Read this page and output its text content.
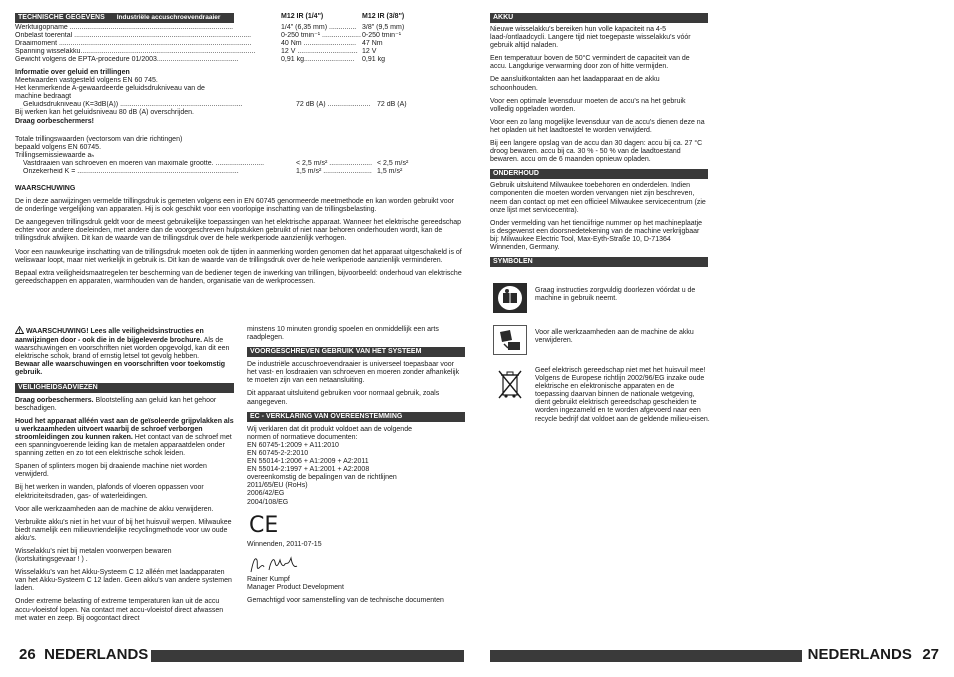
TECHNISCHE GEGEVENS Industriële accuschroevendraaier	M12 IR (1/4")	M12 IR (3/8")
Werktuigopname ....................................................................................	1/4" (6,35 mm) .............. 3/8" (9,5 mm)
Onbelast toerental ...........................................................................................	0-250 tmin⁻¹ .................... 0-250 tmin⁻¹
Draaimoment ...................................................................................................	40 Nm ........................... 47 Nm
Spanning wisselakku..........................................................................................	12 V ............................... 12 V
Gewicht volgens de EPTA-procedure 01/2003..........................................	0,91 kg..........................	0,91 kg
Informatie over geluid en trillingen
Meetwaarden vastgesteld volgens EN 60 745.
Het kenmerkende A-gewaardeerde geluidsdrukniveau van de
machine bedraagt
Geluidsdrukniveau (K=3dB(A)) ...............................................................	72 dB (A) ...................... 72 dB (A)
Bij werken kan het geluidsniveau 80 dB (A) overschrijden.
Draag oorbeschermers!
Totale trillingswaarden (vectorsom van drie richtingen)
bepaald volgens EN 60745.
Trillingsemissiewaarde aₕ
Vastdraaien van schroeven en moeren van maximale grootte. .........................	< 2,5 m/s² ...................... < 2,5 m/s²
Onzekerheid K = ...................................................................................	1,5 m/s² ......................... 1,5 m/s²
WAARSCHUWING
De in deze aanwijzingen vermelde trillingsdruk is gemeten volgens een in EN 60745 genormeerde meetmethode en kan worden gebruikt voor de onderlinge vergelijking van apparaten. Hij is ook geschikt voor een voorlopige inschatting van de trillingsbelasting.
De aangegeven trillingsdruk geldt voor de meest gebruikelijke toepassingen van het elektrische apparaat. Wanneer het elektrische gereedschap echter voor andere doeleinden, met andere dan de voorgeschreven hulpstukken gebruikt of niet naar behoren onderhouden wordt, kan de trillingsdruk afwijken. Dit kan de waarde van de trillingsdruk over de hele werkperiode aanzienlijk verhogen.
Voor een nauwkeurige inschatting van de trillingsdruk moeten ook de tijden in aanmerking worden genomen dat het apparaat uitgeschakeld is of weliswaar loopt, maar niet werkelijk in gebruik is. Dit kan de waarde van de trillingsdruk over de hele werkperiode aanzienlijk verminderen.
Bepaal extra veiligheidsmaatregelen ter bescherming van de bediener tegen de inwerking van trillingen, bijvoorbeeld: onderhoud van elektrische gereedschappen en apparaten, warmhouden van de handen, organisatie van de werkprocessen.
WAARSCHUWING! Lees alle veiligheidsinstructies en aanwijzingen door - ook die in de bijgeleverde brochure. Als de waarschuwingen en voorschriften niet worden opgevolgd, kan dit een elektrische schok, brand of ernstig letsel tot gevolg hebben.
Bewaar alle waarschuwingen en voorschriften voor toekomstig gebruik.
VEILIGHEIDSADVIEZEN
Draag oorbeschermers. Blootstelling aan geluid kan het gehoor beschadigen.
Houd het apparaat alléén vast aan de geïsoleerde grijpvlakken als u werkzaamheden uitvoert waarbij de schroef verborgen stroomleidingen zou kunnen raken. Het contact van de schroef met een spanningvoerende leiding kan de metalen apparaatdelen onder spanning zetten en zo tot een elektrische schok leiden.
Spanen of splinters mogen bij draaiende machine niet worden verwijderd.
Bij het werken in wanden, plafonds of vloeren oppassen voor elektriciteitsdraden, gas- of waterleidingen.
Voor alle werkzaamheden aan de machine de akku verwijderen.
Verbruikte akku's niet in het vuur of bij het huisvuil werpen. Milwaukee biedt namelijk een milieuvriendelijke recyclingmethode voor uw oude akku's.
Wisselakku's niet bij metalen voorwerpen bewaren (kortsluitingsgevaar ! ) .
Wisselakku's van het Akku-Systeem C 12 alléén met laadapparaten van het Akku-Systeem C 12 laden. Geen akku's van andere systemen laden.
Onder extreme belasting of extreme temperaturen kan uit de accu accu-vloeistof lopen. Na contact met accu-vloeistof direct afwassen met water en zeep. Bij oogcontact direct
minstens 10 minuten grondig spoelen en onmiddellijk een arts raadplegen.
VOORGESCHREVEN GEBRUIK VAN HET SYSTEEM
De industriële accuschroevendraaier is universeel toepasbaar voor het vast- en losdraaien van schroeven en moeren zonder afhankelijk te moeten zijn van een netaansluiting.
Dit apparaat uitsluitend gebruiken voor normaal gebruik, zoals aangegeven.
EC - VERKLARING VAN OVEREENSTEMMING
Wij verklaren dat dit produkt voldoet aan de volgende
normen of normatieve documenten:
EN 60745-1:2009 + A11:2010
EN 60745-2-2:2010
EN 55014-1:2006 + A1:2009 + A2:2011
EN 55014-2:1997 + A1:2001 + A2:2008
overeenkomstig de bepalingen van de richtlijnen
2011/65/EU (RoHs)
2006/42/EG
2004/108/EG
CE
Winnenden, 2011-07-15
Rainer Kumpf
Manager Product Development
Gemachtigd voor samenstelling van de technische documenten
26 NEDERLANDS
AKKU
Nieuwe wisselakku's bereiken hun volle kapaciteit na 4-5 laad-/ontlaadcycli. Langere tijd niet toegepaste wisselakku's vóór gebruik altijd naladen.
Een temperatuur boven de 50°C vermindert de capaciteit van de accu. Langdurige verwarming door zon of hitte vermijden.
De aansluitkontakten aan het laadapparaat en de akku schoonhouden.
Voor een optimale levensduur moeten de accu's na het gebruik volledig opgeladen worden.
Voor een zo lang mogelijke levensduur van de accu's dienen deze na het opladen uit het laadtoestel te worden verwijderd.
Bij een langere opslag van de accu dan 30 dagen: accu bij ca. 27 °C droog bewaren. accu bij ca. 30 % - 50 % van de laadtoestand bewaren. accu om de 6 maanden opnieuw opladen.
ONDERHOUD
Gebruik uitsluitend Milwaukee toebehoren en onderdelen. Indien componenten die moeten worden vervangen niet zijn beschreven, neem dan contact op met een officieel Milwaukee servicecentrum (zie onze lijst met servicecentra).
Onder vermelding van het tienciifrige nummer op het machineplaatje is desgewenst een doorsnedetekening van de machine verkrijgbaar bij: Milwaukee Electric Tool, Max-Eyth-Straße 10, D-71364 Winnenden, Germany.
SYMBOLEN
Graag instructies zorgvuldig doorlezen vóórdat u de machine in gebruik neemt.
Voor alle werkzaamheden aan de machine de akku verwijderen.
Geef elektrisch gereedschap niet met het huisvuil mee! Volgens de Europese richtlijn 2002/96/EG inzake oude elektrische en elektronische apparaten en de toepassing daarvan binnen de nationale wetgeving, dient gebruikt elektrisch gereedschap gescheiden te worden ingezameld en te worden afgevoerd naar een recycle bedrijf dat voldoet aan de geldende milieu-eisen.
NEDERLANDS 27
